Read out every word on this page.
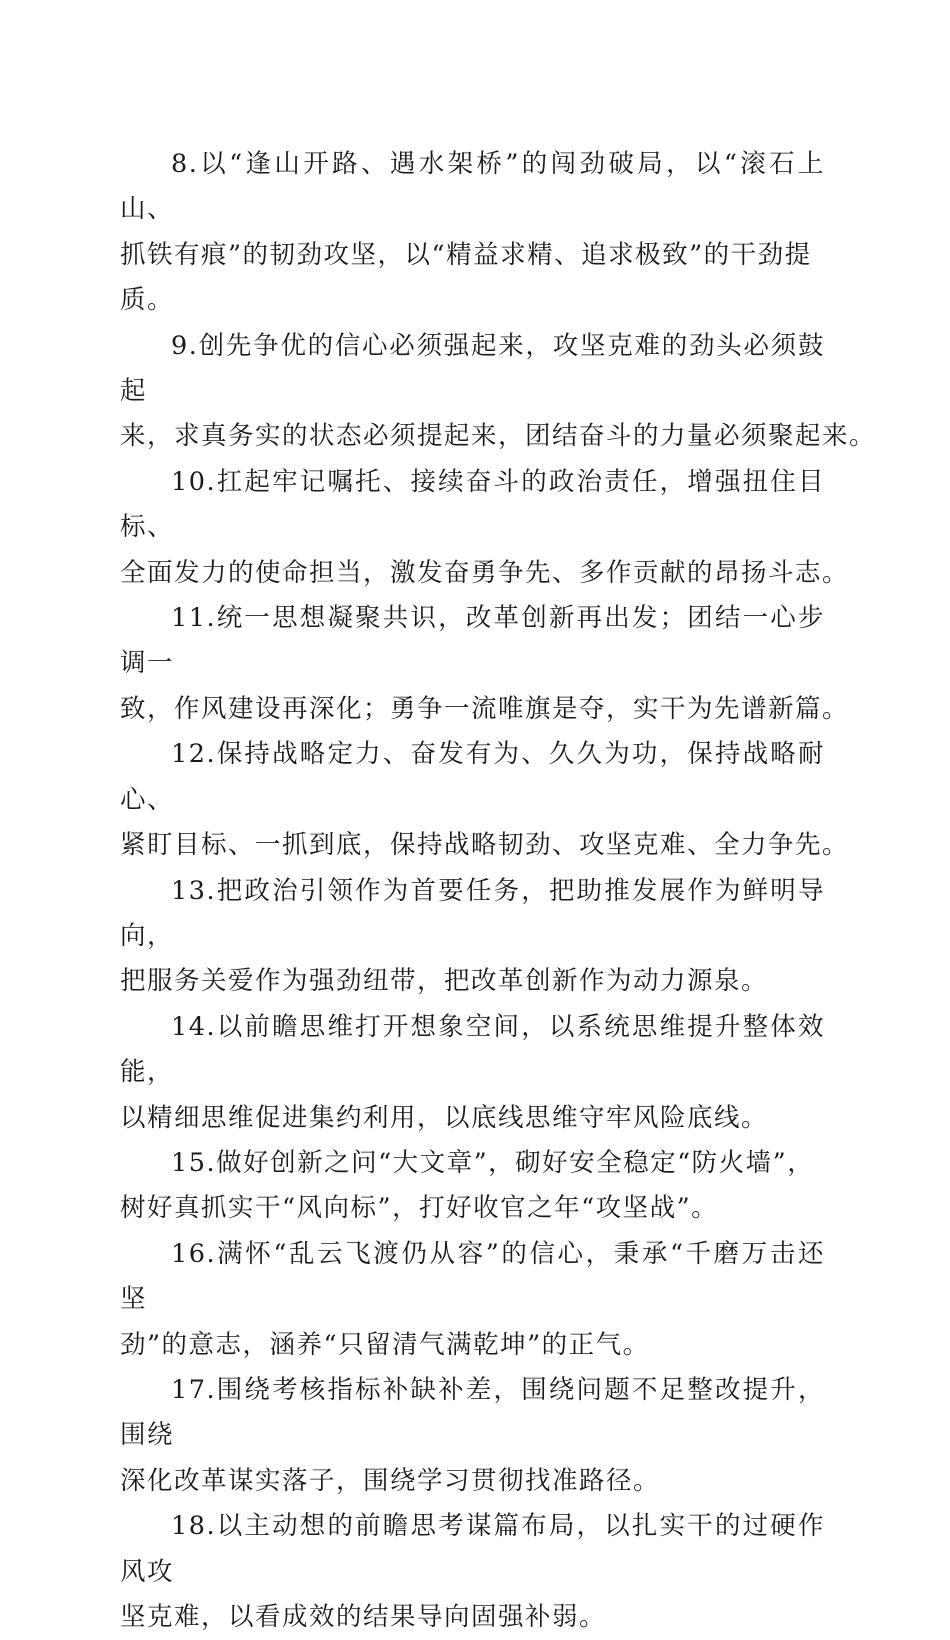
8.以“逢山开路、遇水架桥”的闯劲破局，以“滚石上山、
抓铁有痕”的韧劲攻坚，以“精益求精、追求极致”的干劲提
质。

9.创先争优的信心必须强起来，攻坚克难的劲头必须鼓起
来，求真务实的状态必须提起来，团结奋斗的力量必须聚起来。

10.扛起牢记嘱托、接续奋斗的政治责任，增强扭住目标、
全面发力的使命担当，激发奋勇争先、多作贡献的昂扬斗志。

11.统一思想凝聚共识，改革创新再出发；团结一心步调一
致，作风建设再深化；勇争一流唯旗是夺，实干为先谱新篇。

12.保持战略定力、奋发有为、久久为功，保持战略耐心、
紧盯目标、一抓到底，保持战略韧劲、攻坚克难、全力争先。

13.把政治引领作为首要任务，把助推发展作为鲜明导向，
把服务关爱作为强劲纽带，把改革创新作为动力源泉。

14.以前瞻思维打开想象空间，以系统思维提升整体效能，
以精细思维促进集约利用，以底线思维守牢风险底线。

15.做好创新之问“大文章”，砌好安全稳定“防火墙”，
树好真抓实干“风向标”，打好收官之年“攻坚战”。

16.满怀“乱云飞渡仍从容”的信心，秉承“千磨万击还坚
劲”的意志，涵养“只留清气满乾坤”的正气。

17.围绕考核指标补缺补差，围绕问题不足整改提升，围绕
深化改革谋实落子，围绕学习贯彻找准路径。

18.以主动想的前瞻思考谋篇布局，以扎实干的过硬作风攻
坚克难，以看成效的结果导向固强补弱。
